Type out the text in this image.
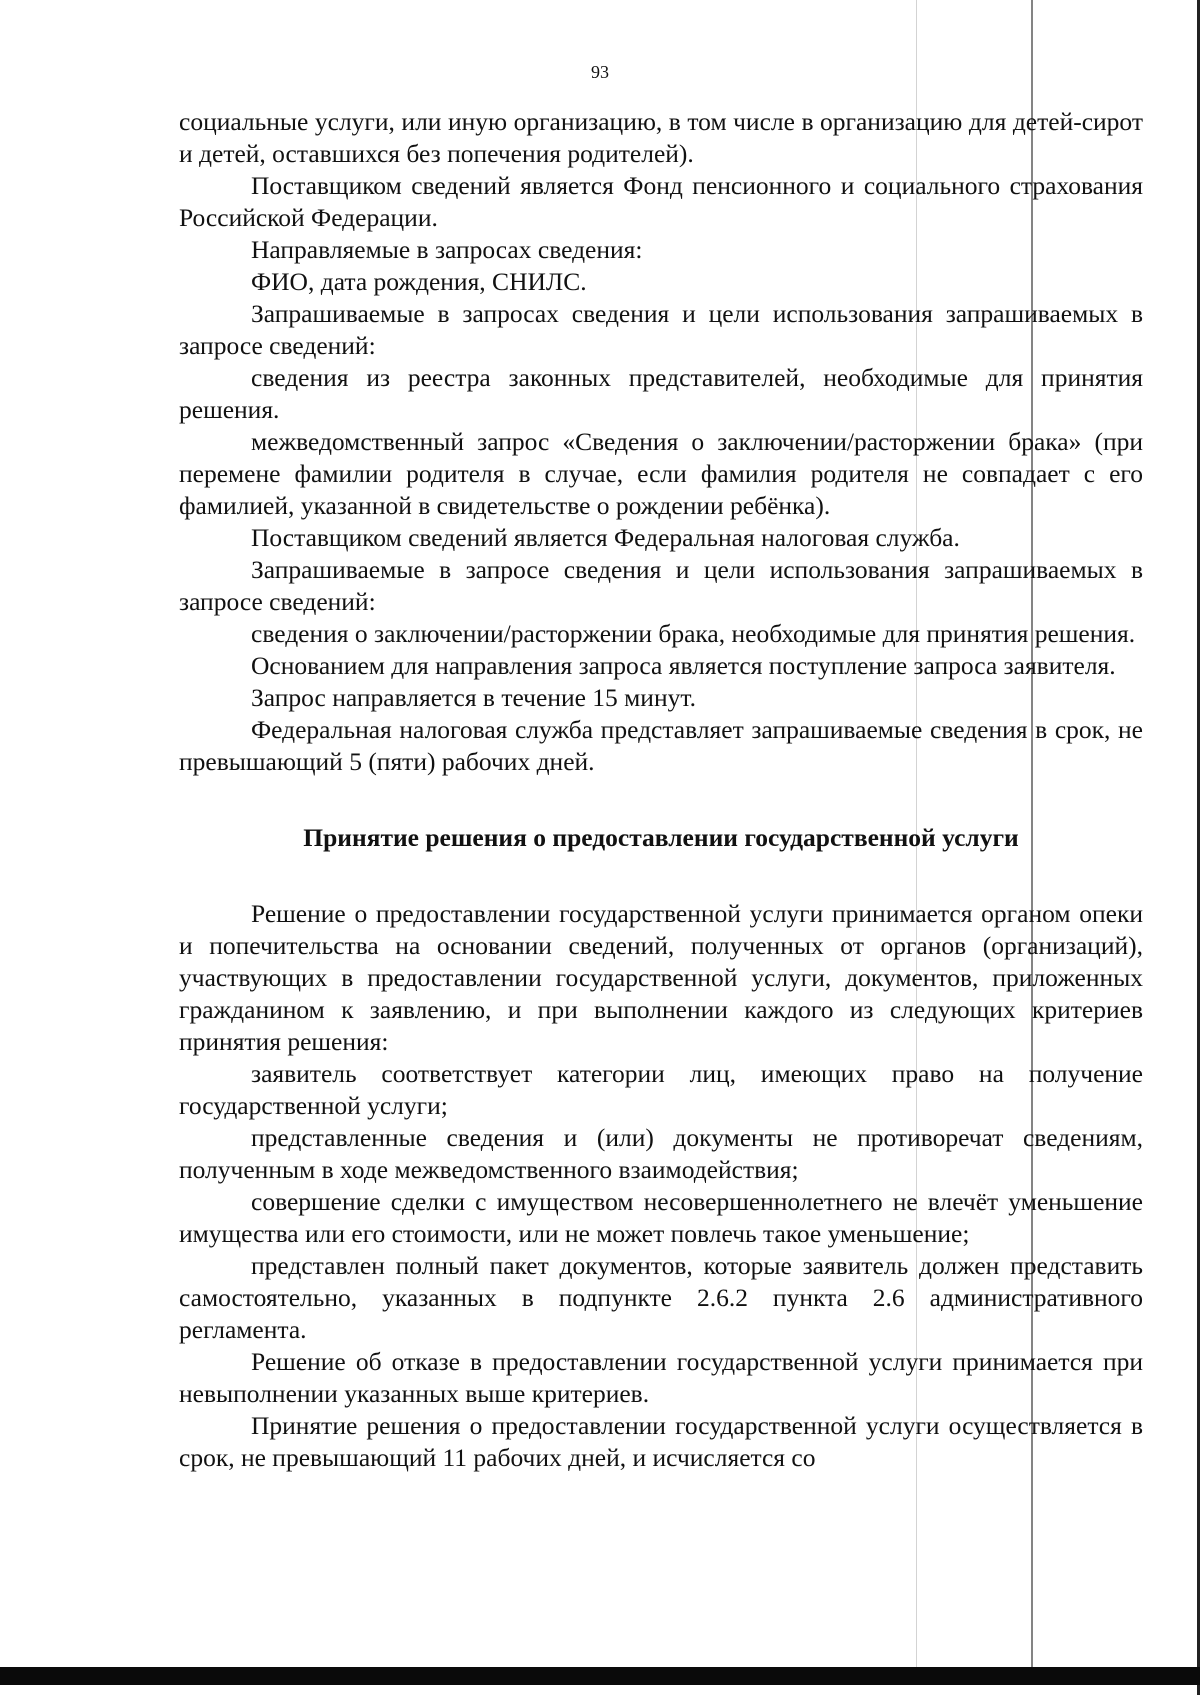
93

социальные услуги, или иную организацию, в том числе в организацию для детей-сирот и детей, оставшихся без попечения родителей).

Поставщиком сведений является Фонд пенсионного и социального страхования Российской Федерации.

Направляемые в запросах сведения:

ФИО, дата рождения, СНИЛС.

Запрашиваемые в запросах сведения и цели использования запрашиваемых в запросе сведений:

сведения из реестра законных представителей, необходимые для принятия решения.

межведомственный запрос «Сведения о заключении/расторжении брака» (при перемене фамилии родителя в случае, если фамилия родителя не совпадает с его фамилией, указанной в свидетельстве о рождении ребёнка).

Поставщиком сведений является Федеральная налоговая служба.

Запрашиваемые в запросе сведения и цели использования запрашиваемых в запросе сведений:

сведения о заключении/расторжении брака, необходимые для принятия решения.

Основанием для направления запроса является поступление запроса заявителя.

Запрос направляется в течение 15 минут.

Федеральная налоговая служба представляет запрашиваемые сведения в срок, не превышающий 5 (пяти) рабочих дней.

Принятие решения о предоставлении государственной услуги

Решение о предоставлении государственной услуги принимается органом опеки и попечительства на основании сведений, полученных от органов (организаций), участвующих в предоставлении государственной услуги, документов, приложенных гражданином к заявлению, и при выполнении каждого из следующих критериев принятия решения:

заявитель соответствует категории лиц, имеющих право на получение государственной услуги;

представленные сведения и (или) документы не противоречат сведениям, полученным в ходе межведомственного взаимодействия;

совершение сделки с имуществом несовершеннолетнего не влечёт уменьшение имущества или его стоимости, или не может повлечь такое уменьшение;

представлен полный пакет документов, которые заявитель должен представить самостоятельно, указанных в подпункте 2.6.2 пункта 2.6 административного регламента.

Решение об отказе в предоставлении государственной услуги принимается при невыполнении указанных выше критериев.

Принятие решения о предоставлении государственной услуги осуществляется в срок, не превышающий 11 рабочих дней, и исчисляется со
